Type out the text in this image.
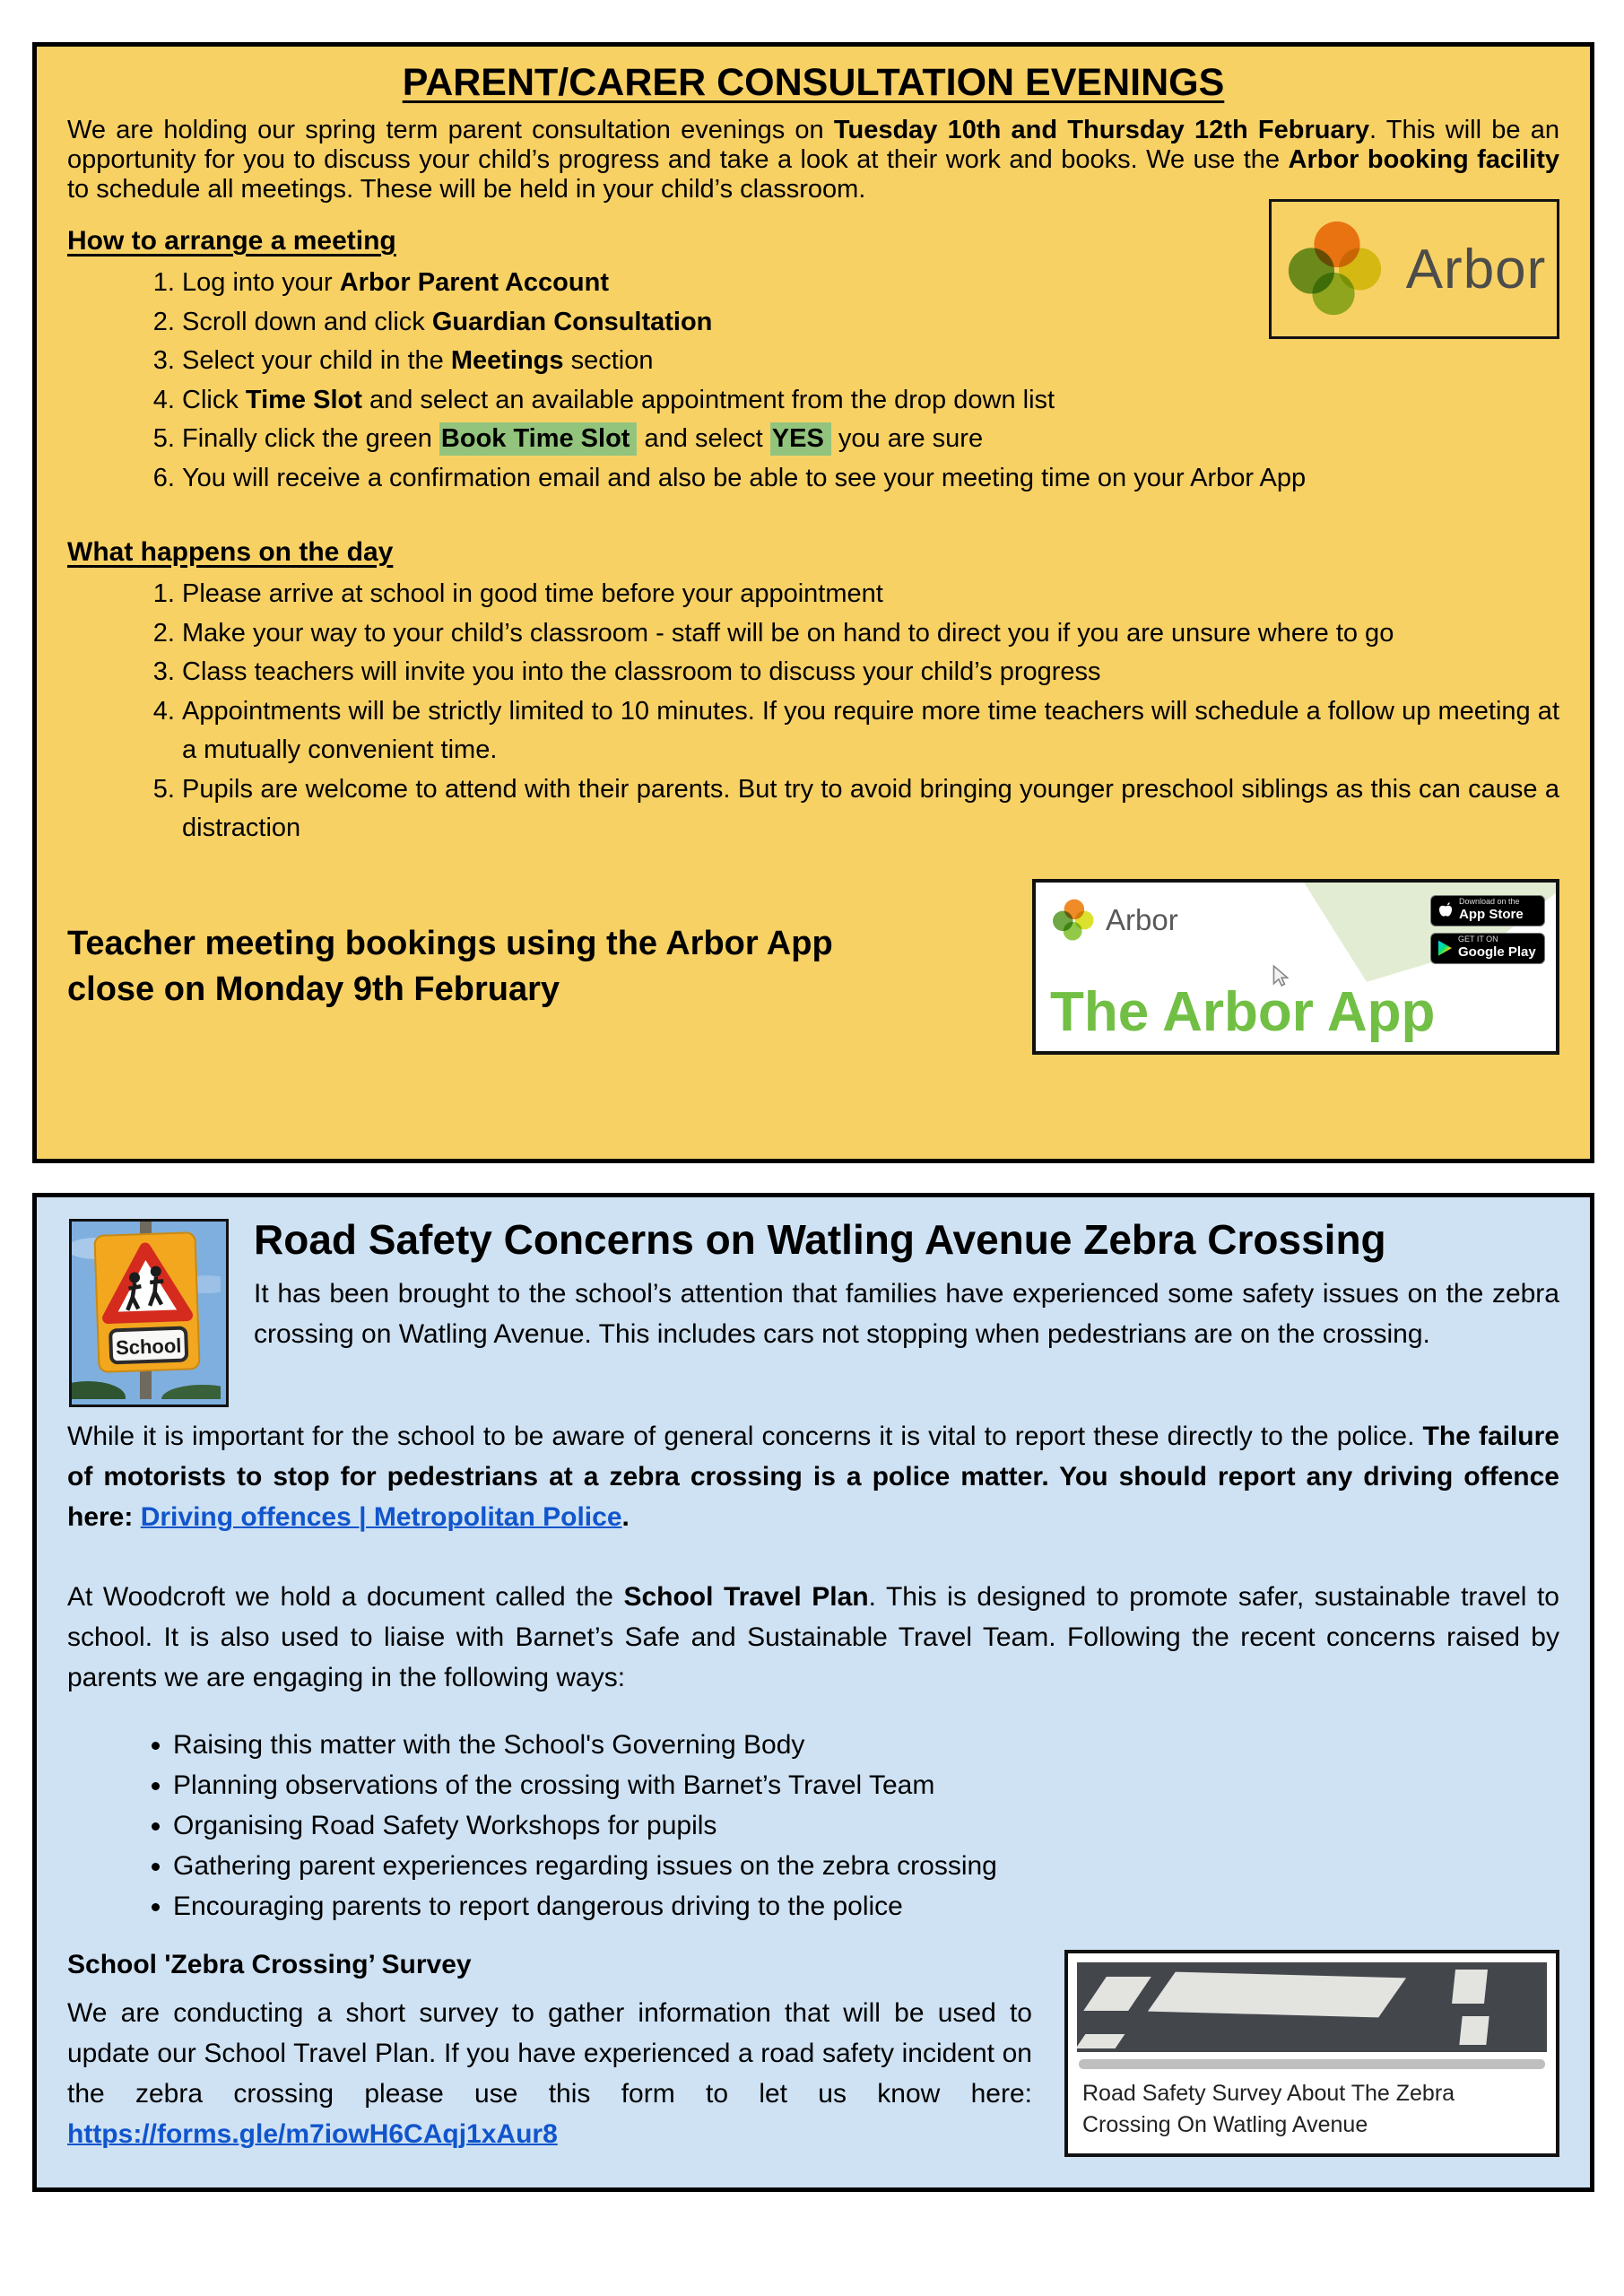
PARENT/CARER CONSULTATION EVENINGS

We are holding our spring term parent consultation evenings on Tuesday 10th and Thursday 12th February. This will be an opportunity for you to discuss your child’s progress and take a look at their work and books. We use the Arbor booking facility to schedule all meetings. These will be held in your child’s classroom.

Arbor
How to arrange a meeting
1. Log into your Arbor Parent Account
2. Scroll down and click Guardian Consultation
3. Select your child in the Meetings section
4. Click Time Slot and select an available appointment from the drop down list
5. Finally click the green Book Time Slot and select YES you are sure
6. You will receive a confirmation email and also be able to see your meeting time on your Arbor App
What happens on the day
1. Please arrive at school in good time before your appointment
2. Make your way to your child’s classroom - staff will be on hand to direct you if you are unsure where to go
3. Class teachers will invite you into the classroom to discuss your child’s progress
4. Appointments will be strictly limited to 10 minutes. If you require more time teachers will schedule a follow up meeting at a mutually convenient time.
5. Pupils are welcome to attend with their parents. But try to avoid bringing younger preschool siblings as this can cause a distraction
Teacher meeting bookings using the Arbor App close on Monday 9th February
Arbor
Download on the
App Store
GET IT ON
Google Play
The Arbor App
School
Road Safety Concerns on Watling Avenue Zebra Crossing

It has been brought to the school’s attention that families have experienced some safety issues on the zebra crossing on Watling Avenue. This includes cars not stopping when pedestrians are on the crossing.

While it is important for the school to be aware of general concerns it is vital to report these directly to the police. The failure of motorists to stop for pedestrians at a zebra crossing is a police matter. You should report any driving offence here: Driving offences | Metropolitan Police.

At Woodcroft we hold a document called the School Travel Plan. This is designed to promote safer, sustainable travel to school. It is also used to liaise with Barnet’s Safe and Sustainable Travel Team. Following the recent concerns raised by parents we are engaging in the following ways:

• Raising this matter with the School's Governing Body
• Planning observations of the crossing with Barnet’s Travel Team
• Organising Road Safety Workshops for pupils
• Gathering parent experiences regarding issues on the zebra crossing
• Encouraging parents to report dangerous driving to the police
School 'Zebra Crossing’ Survey

We are conducting a short survey to gather information that will be used to update our School Travel Plan. If you have experienced a road safety incident on the zebra crossing please use this form to let us know here: https://forms.gle/m7iowH6CAqj1xAur8

Road Safety Survey About The Zebra Crossing On Watling Avenue
